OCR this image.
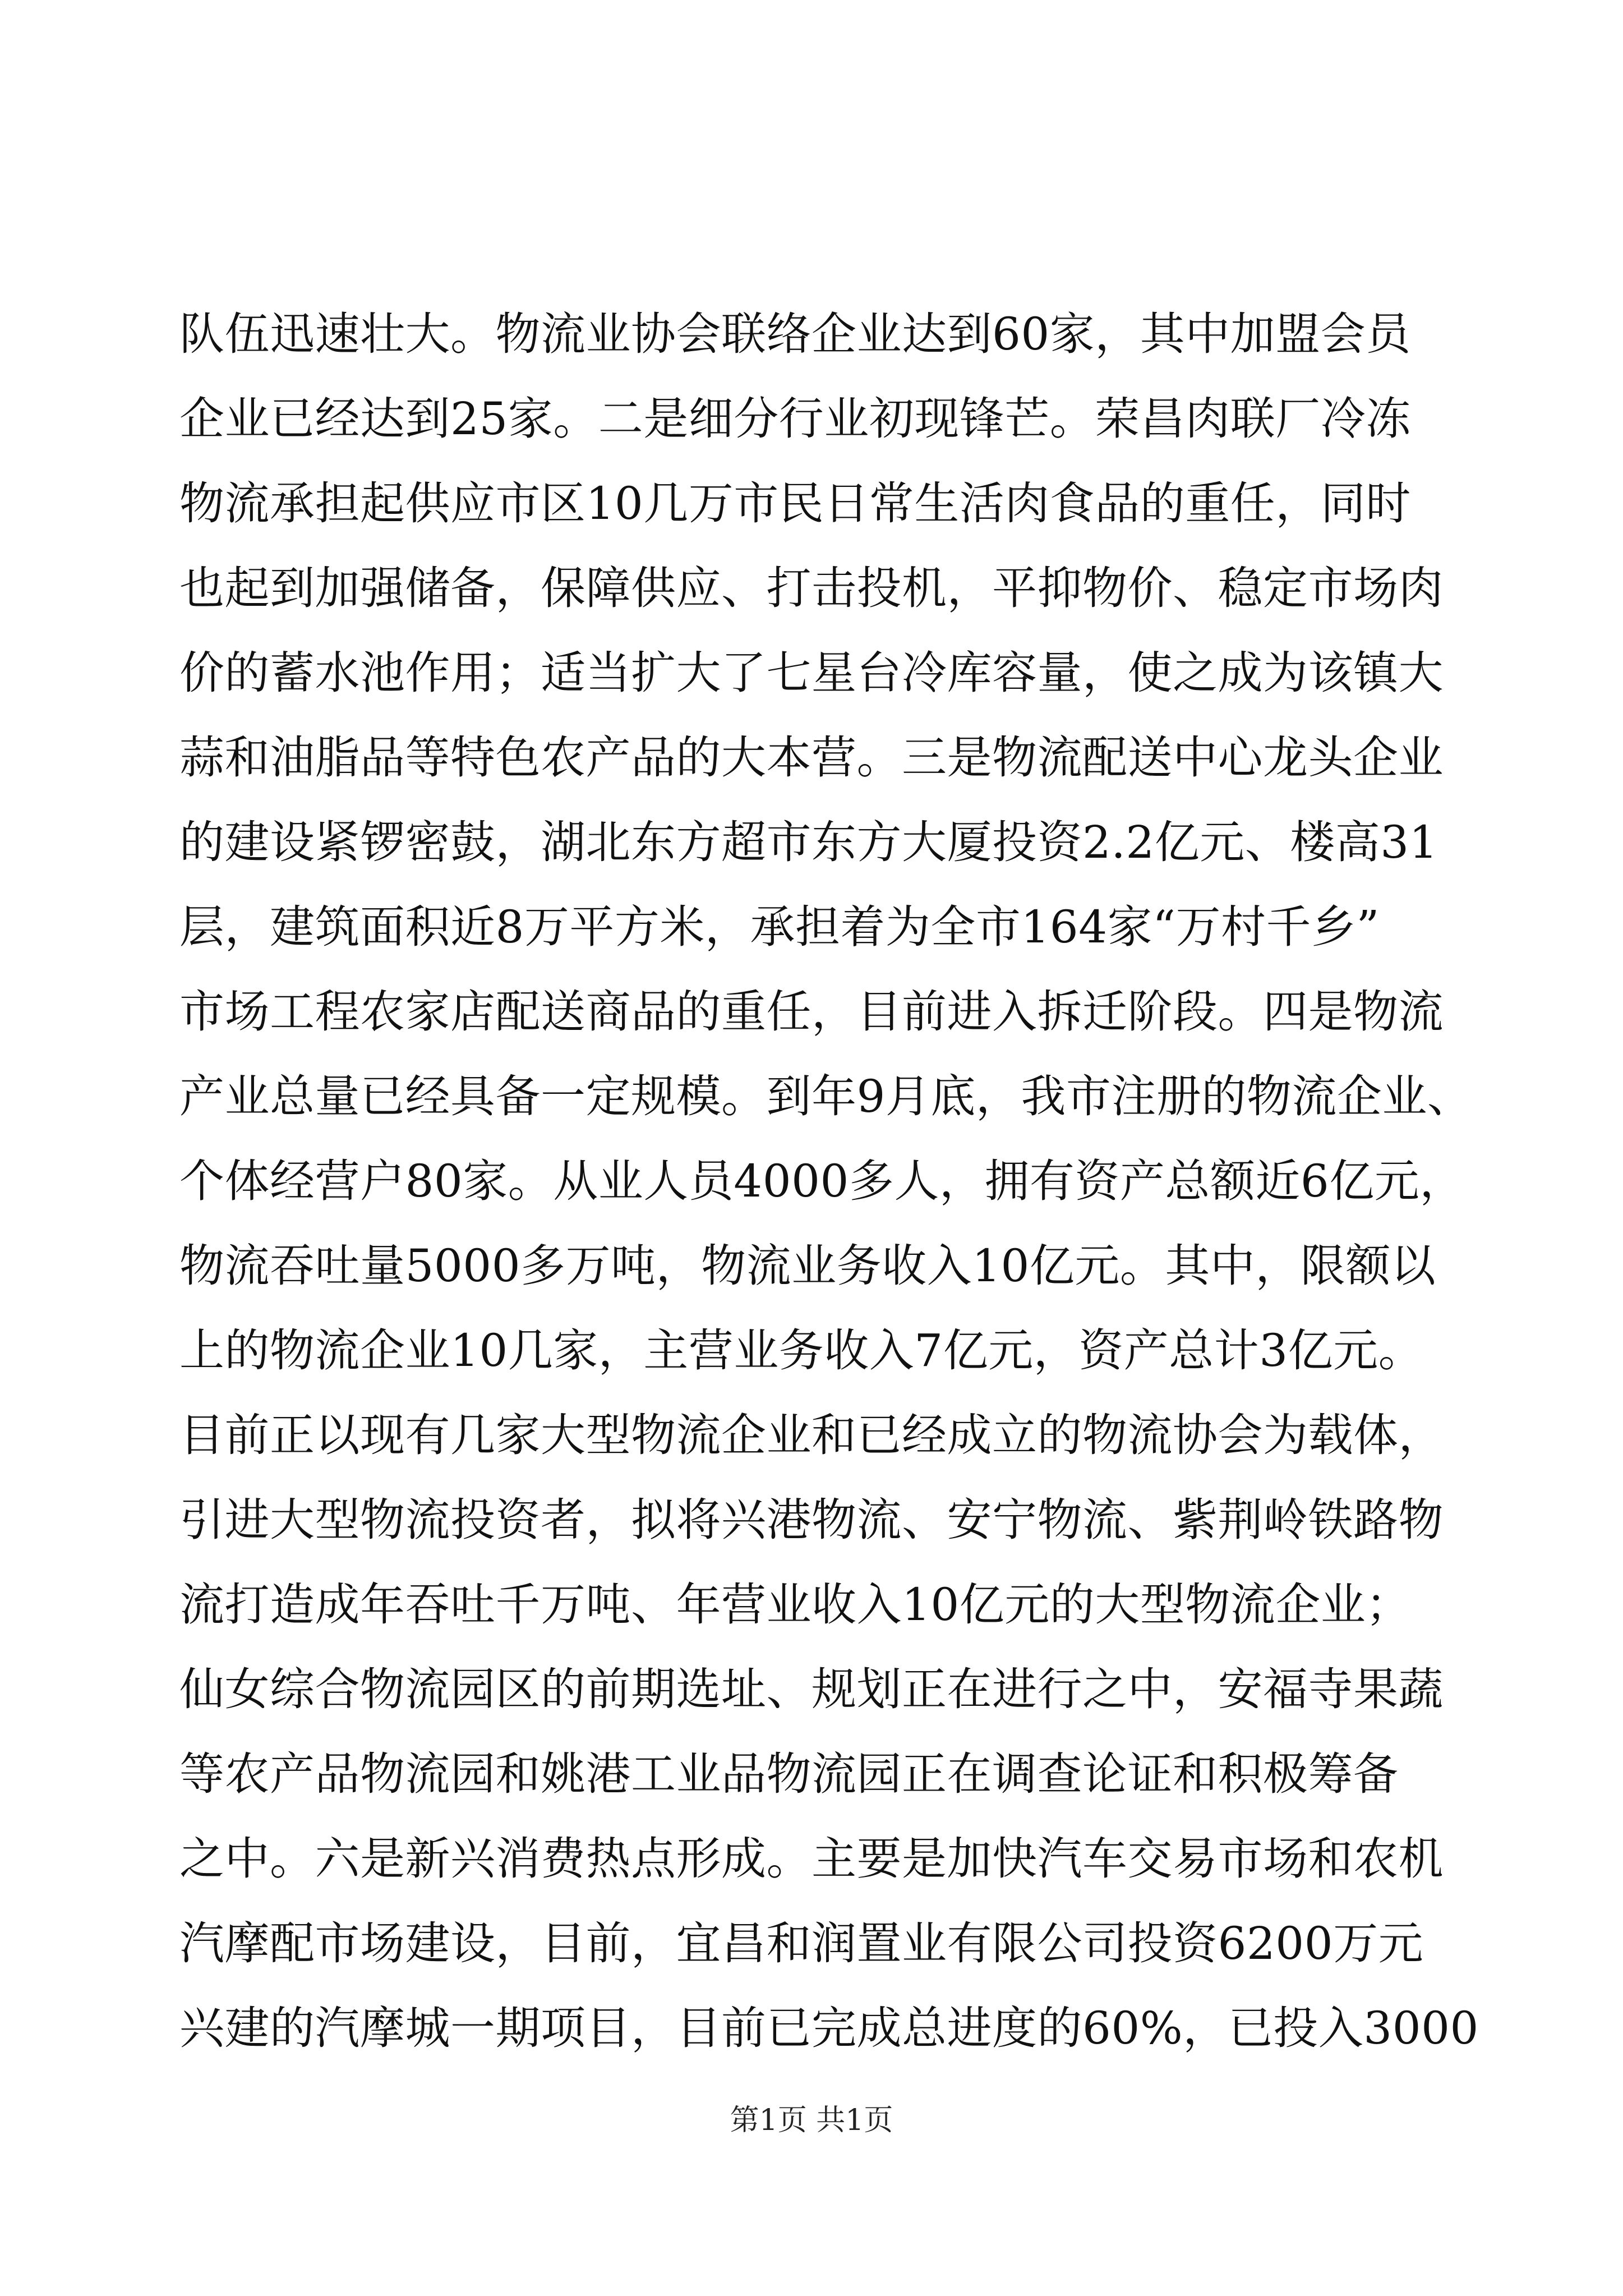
队伍迅速壮大。物流业协会联络企业达到60家，其中加盟会员
企业已经达到25家。二是细分行业初现锋芒。荣昌肉联厂冷冻
物流承担起供应市区10几万市民日常生活肉食品的重任，同时
也起到加强储备，保障供应、打击投机，平抑物价、稳定市场肉
价的蓄水池作用；适当扩大了七星台冷库容量，使之成为该镇大
蒜和油脂品等特色农产品的大本营。三是物流配送中心龙头企业
的建设紧锣密鼓，湖北东方超市东方大厦投资2.2亿元、楼高31
层，建筑面积近8万平方米，承担着为全市164家“万村千乡”
市场工程农家店配送商品的重任，目前进入拆迁阶段。四是物流
产业总量已经具备一定规模。到年9月底，我市注册的物流企业、
个体经营户80家。从业人员4000多人，拥有资产总额近6亿元，
物流吞吐量5000多万吨，物流业务收入10亿元。其中，限额以
上的物流企业10几家，主营业务收入7亿元，资产总计3亿元。
目前正以现有几家大型物流企业和已经成立的物流协会为载体，
引进大型物流投资者，拟将兴港物流、安宁物流、紫荆岭铁路物
流打造成年吞吐千万吨、年营业收入10亿元的大型物流企业；
仙女综合物流园区的前期选址、规划正在进行之中，安福寺果蔬
等农产品物流园和姚港工业品物流园正在调查论证和积极筹备
之中。六是新兴消费热点形成。主要是加快汽车交易市场和农机
汽摩配市场建设，目前，宜昌和润置业有限公司投资6200万元
兴建的汽摩城一期项目，目前已完成总进度的60%，已投入3000
第1页 共1页
